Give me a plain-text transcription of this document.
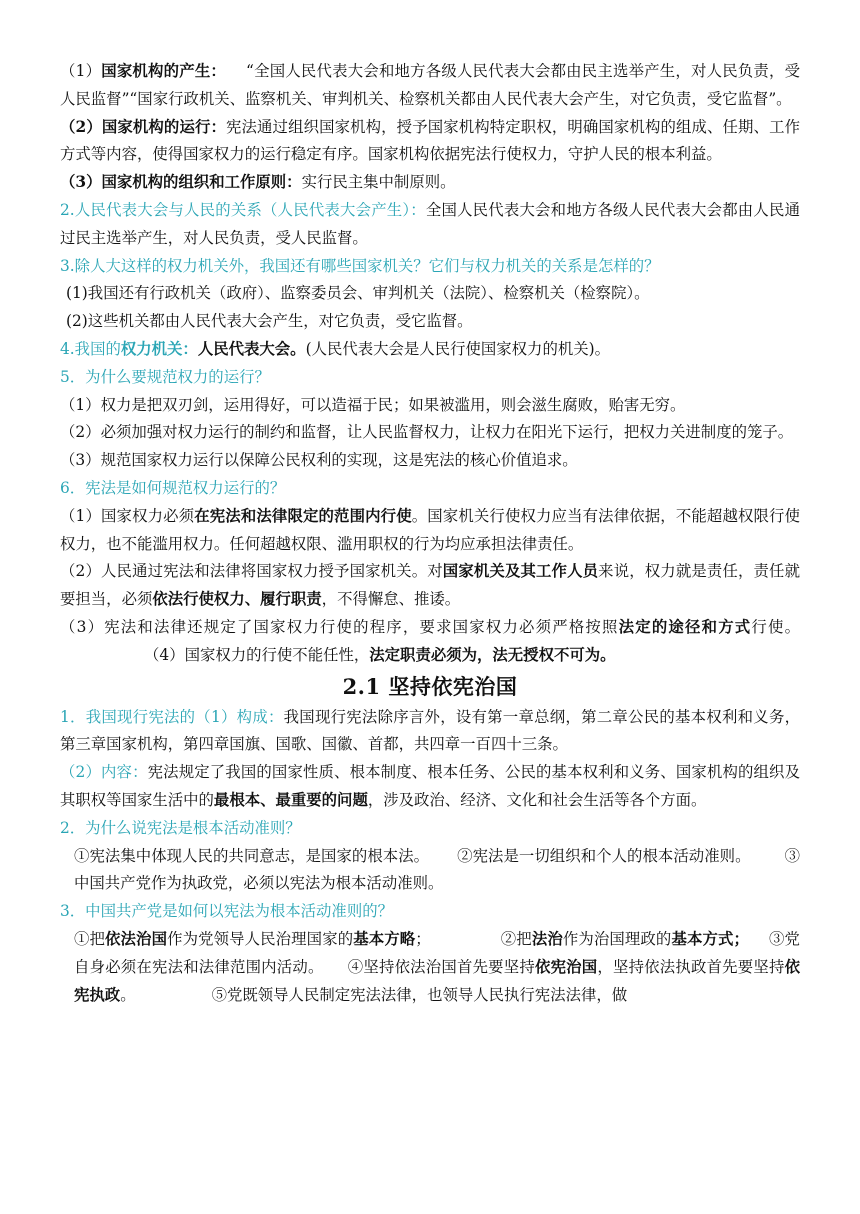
（1）国家机构的产生： “全国人民代表大会和地方各级人民代表大会都由民主选举产生，对人民负责，受人民监督”“国家行政机关、监察机关、审判机关、检察机关都由人民代表大会产生，对它负责，受它监督”。

（2）国家机构的运行：宪法通过组织国家机构，授予国家机构特定职权，明确国家机构的组成、任期、工作方式等内容，使得国家权力的运行稳定有序。国家机构依据宪法行使权力，守护人民的根本利益。

（3）国家机构的组织和工作原则：实行民主集中制原则。

2.人民代表大会与人民的关系（人民代表大会产生）：全国人民代表大会和地方各级人民代表大会都由人民通过民主选举产生，对人民负责，受人民监督。

3.除人大这样的权力机关外，我国还有哪些国家机关？它们与权力机关的关系是怎样的？

(1)我国还有行政机关（政府）、监察委员会、审判机关（法院）、检察机关（检察院）。

(2)这些机关都由人民代表大会产生，对它负责，受它监督。

4.我国的权力机关：人民代表大会。(人民代表大会是人民行使国家权力的机关)。

5．为什么要规范权力的运行？

（1）权力是把双刃剑，运用得好，可以造福于民；如果被滥用，则会滋生腐败，贻害无穷。

（2）必须加强对权力运行的制约和监督，让人民监督权力，让权力在阳光下运行，把权力关进制度的笼子。

（3）规范国家权力运行以保障公民权利的实现，这是宪法的核心价值追求。

6．宪法是如何规范权力运行的？

（1）国家权力必须在宪法和法律限定的范围内行使。国家机关行使权力应当有法律依据，不能超越权限行使权力，也不能滥用权力。任何超越权限、滥用职权的行为均应承担法律责任。

（2）人民通过宪法和法律将国家权力授予国家机关。对国家机关及其工作人员来说，权力就是责任，责任就要担当，必须依法行使权力、履行职责，不得懈怠、推诿。

（3）宪法和法律还规定了国家权力行使的程序，要求国家权力必须严格按照法定的途径和方式行使。（4）国家权力的行使不能任性，法定职责必须为，法无授权不可为。

2.1 坚持依宪治国

1．我国现行宪法的（1）构成：我国现行宪法除序言外，设有第一章总纲，第二章公民的基本权利和义务，第三章国家机构，第四章国旗、国歌、国徽、首都，共四章一百四十三条。

（2）内容：宪法规定了我国的国家性质、根本制度、根本任务、公民的基本权利和义务、国家机构的组织及其职权等国家生活中的最根本、最重要的问题，涉及政治、经济、文化和社会生活等各个方面。

2．为什么说宪法是根本活动准则？

①宪法集中体现人民的共同意志，是国家的根本法。 ②宪法是一切组织和个人的根本活动准则。 ③中国共产党作为执政党，必须以宪法为根本活动准则。

3．中国共产党是如何以宪法为根本活动准则的？

①把依法治国作为党领导人民治理国家的基本方略；	②把法治作为治国理政的基本方式； ③党自身必须在宪法和法律范围内活动。 ④坚持依法治国首先要坚持依宪治国，坚持依法执政首先要坚持依宪执政。	⑤党既领导人民制定宪法法律，也领导人民执行宪法法律，做
